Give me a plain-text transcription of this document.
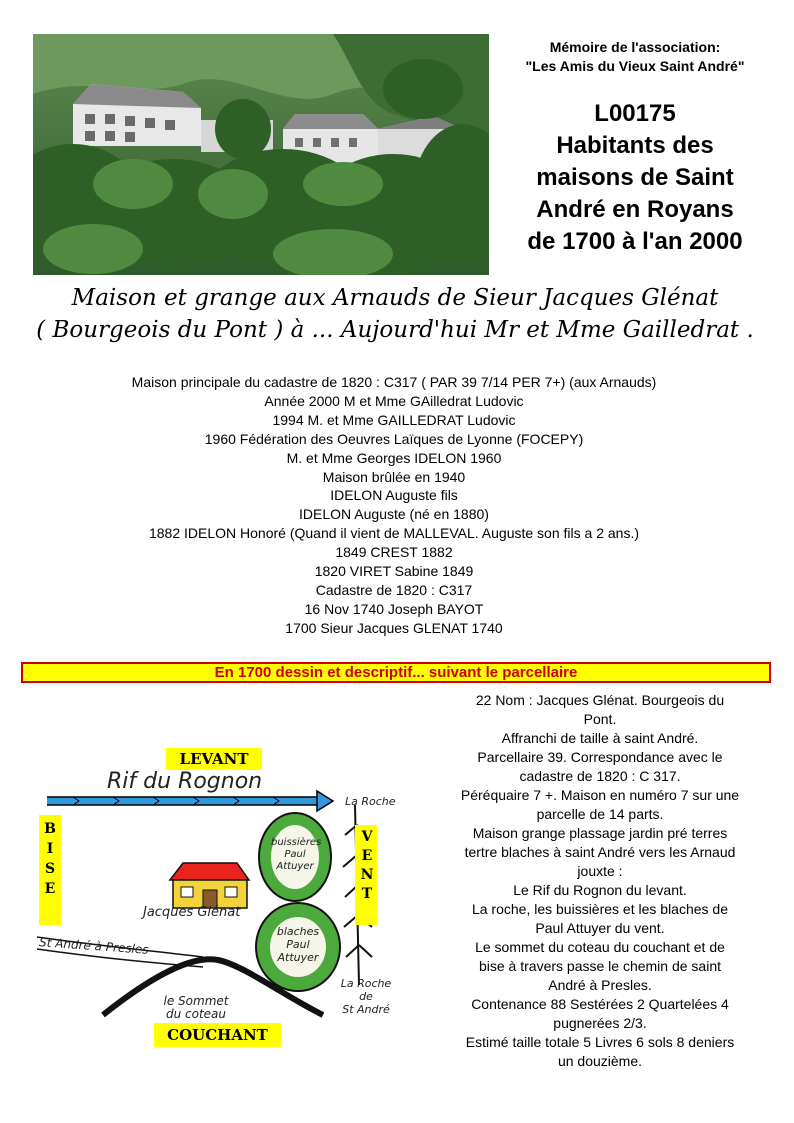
Mémoire de l'association:
"Les Amis du Vieux Saint André"
L00175
Habitants des
maisons de Saint
André en Royans
de 1700 à l'an 2000
Maison et grange aux Arnauds de Sieur Jacques Glénat
( Bourgeois du Pont ) à ... Aujourd'hui Mr et Mme Gailledrat .
Maison principale du cadastre de 1820 : C317 ( PAR 39 7/14 PER 7+) (aux Arnauds)
Année 2000 M et Mme GAilledrat Ludovic
1994 M. et Mme GAILLEDRAT Ludovic
1960 Fédération des Oeuvres Laïques de Lyonne (FOCEPY)
M. et Mme Georges IDELON 1960
Maison brûlée en 1940
IDELON Auguste fils
IDELON Auguste (né en 1880)
1882 IDELON Honoré (Quand il vient de MALLEVAL. Auguste son fils a 2 ans.)
1849 CREST 1882
1820 VIRET Sabine 1849
Cadastre de 1820 : C317
16 Nov 1740 Joseph BAYOT
1700 Sieur Jacques GLENAT 1740
En 1700 dessin et descriptif... suivant le parcellaire
LEVANT
COUCHANT
BISE	VENT
Rif du Rognon
La Roche
buissières
Paul
Attuyer
blaches
Paul
Attuyer
Jacques Glénat
St André à Presles
le Sommet
du coteau
La Roche
de
St André
22 Nom : Jacques Glénat. Bourgeois du
Pont.
Affranchi de taille à saint André.
Parcellaire 39. Correspondance avec le
cadastre de 1820 : C 317.
Péréquaire 7 +. Maison en numéro 7 sur une
parcelle de 14 parts.
Maison grange plassage jardin pré terres
tertre blaches à saint André vers les Arnaud
jouxte :
Le Rif du Rognon du levant.
La roche, les buissières et les blaches de
Paul Attuyer du vent.
Le sommet du coteau du couchant et de
bise à travers passe le chemin de saint
André à Presles.
Contenance 88 Sestérées 2 Quartelées 4
pugnerées 2/3.
Estimé taille totale 5 Livres 6 sols 8 deniers
un douzième.
